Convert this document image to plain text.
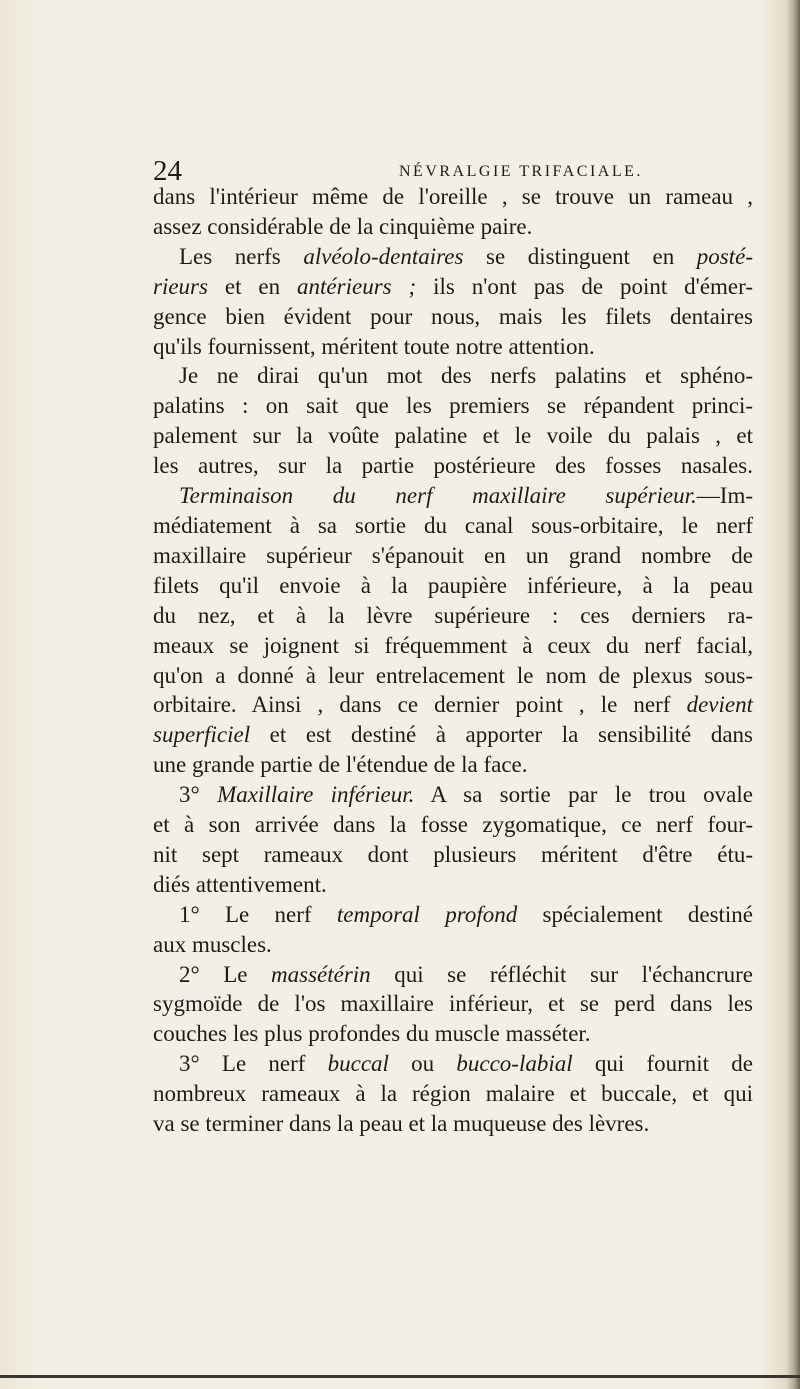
24	NÉVRALGIE TRIFACIALE.
dans l'intérieur même de l'oreille , se trouve un rameau ,
assez considérable de la cinquième paire.
Les nerfs alvéolo-dentaires se distinguent en posté-
rieurs et en antérieurs ; ils n'ont pas de point d'émer-
gence bien évident pour nous, mais les filets dentaires
qu'ils fournissent, méritent toute notre attention.
Je ne dirai qu'un mot des nerfs palatins et sphéno-
palatins : on sait que les premiers se répandent princi-
palement sur la voûte palatine et le voile du palais , et
les autres, sur la partie postérieure des fosses nasales.
Terminaison du nerf maxillaire supérieur.—Im-
médiatement à sa sortie du canal sous-orbitaire, le nerf
maxillaire supérieur s'épanouit en un grand nombre de
filets qu'il envoie à la paupière inférieure, à la peau
du nez, et à la lèvre supérieure : ces derniers ra-
meaux se joignent si fréquemment à ceux du nerf facial,
qu'on a donné à leur entrelacement le nom de plexus sous-
orbitaire. Ainsi , dans ce dernier point , le nerf devient
superficiel et est destiné à apporter la sensibilité dans
une grande partie de l'étendue de la face.
3° Maxillaire inférieur. A sa sortie par le trou ovale
et à son arrivée dans la fosse zygomatique, ce nerf four-
nit sept rameaux dont plusieurs méritent d'être étu-
diés attentivement.
1° Le nerf temporal profond spécialement destiné
aux muscles.
2° Le massétérin qui se réfléchit sur l'échancrure
sygmoïde de l'os maxillaire inférieur, et se perd dans les
couches les plus profondes du muscle masséter.
3° Le nerf buccal ou bucco-labial qui fournit de
nombreux rameaux à la région malaire et buccale, et qui
va se terminer dans la peau et la muqueuse des lèvres.
